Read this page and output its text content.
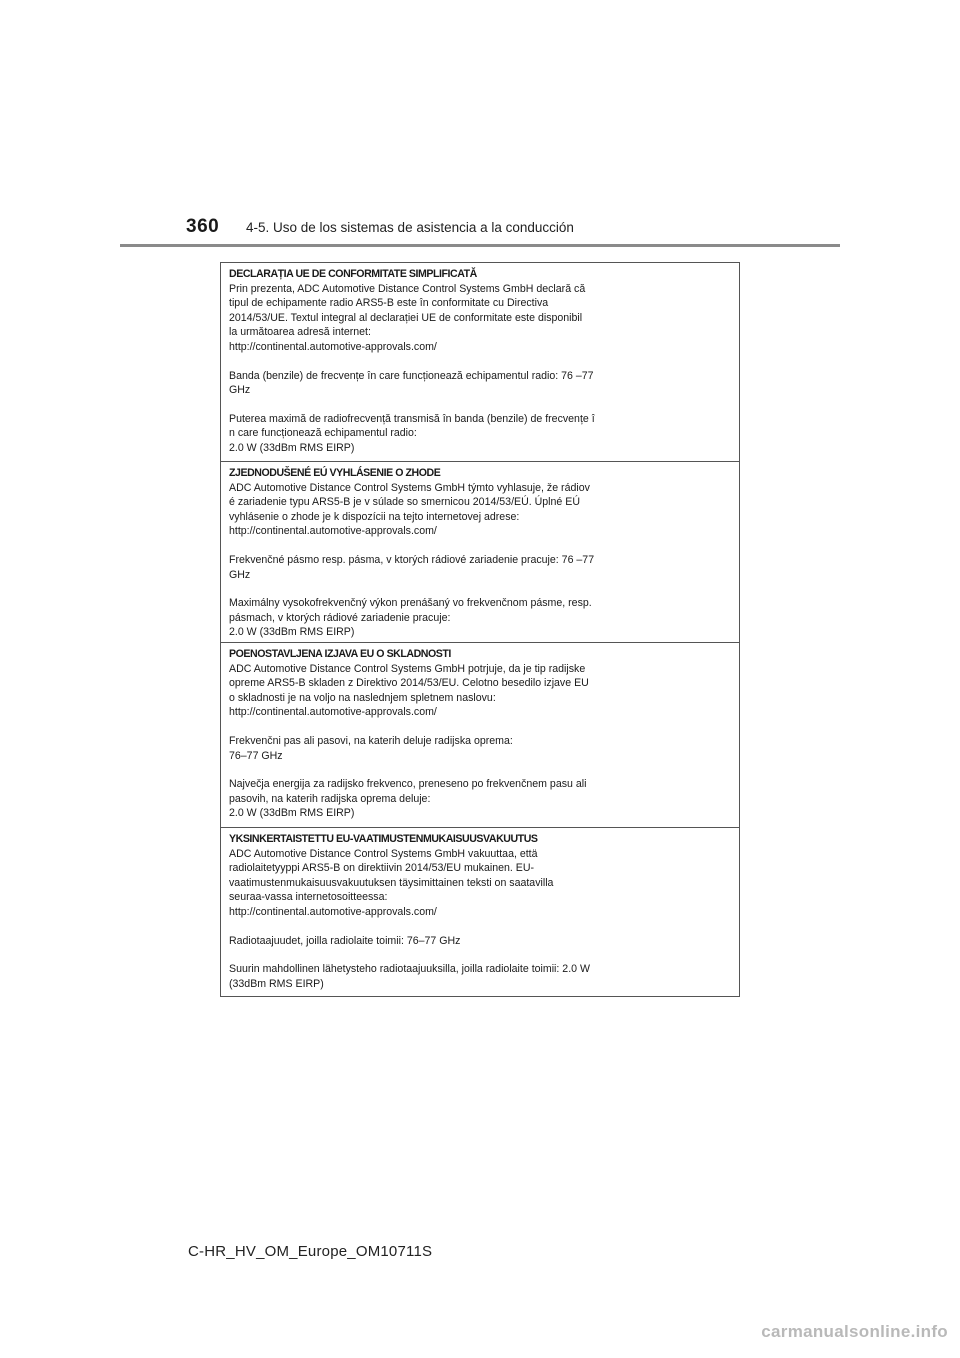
360 4-5. Uso de los sistemas de asistencia a la conducción
DECLARAȚIA UE DE CONFORMITATE SIMPLIFICATĂ
Prin prezenta, ADC Automotive Distance Control Systems GmbH declară că
tipul de echipamente radio ARS5-B este în conformitate cu Directiva
2014/53/UE. Textul integral al declarației UE de conformitate este disponibil
la următoarea adresă internet:
http://continental.automotive-approvals.com/
Banda (benzile) de frecvențe în care funcționează echipamentul radio: 76 –77
GHz
Puterea maximă de radiofrecvență transmisă în banda (benzile) de frecvențe î
n care funcționează echipamentul radio:
2.0 W (33dBm RMS EIRP)
ZJEDNODUŠENÉ EÚ VYHLÁSENIE O ZHODE
ADC Automotive Distance Control Systems GmbH týmto vyhlasuje, že rádiov
é zariadenie typu ARS5-B je v súlade so smernicou 2014/53/EÚ. Úplné EÚ
vyhlásenie o zhode je k dispozícii na tejto internetovej adrese:
http://continental.automotive-approvals.com/
Frekvenčné pásmo resp. pásma, v ktorých rádiové zariadenie pracuje: 76 –77
GHz
Maximálny vysokofrekvenčný výkon prenášaný vo frekvenčnom pásme, resp.
pásmach, v ktorých rádiové zariadenie pracuje:
2.0 W (33dBm RMS EIRP)
POENOSTAVLJENA IZJAVA EU O SKLADNOSTI
ADC Automotive Distance Control Systems GmbH potrjuje, da je tip radijske
opreme ARS5-B skladen z Direktivo 2014/53/EU. Celotno besedilo izjave EU
o skladnosti je na voljo na naslednjem spletnem naslovu:
http://continental.automotive-approvals.com/
Frekvenčni pas ali pasovi, na katerih deluje radijska oprema:
76–77 GHz
Največja energija za radijsko frekvenco, preneseno po frekvenčnem pasu ali
pasovih, na katerih radijska oprema deluje:
2.0 W (33dBm RMS EIRP)
YKSINKERTAISTETTU EU-VAATIMUSTENMUKAISUUSVAKUUTUS
ADC Automotive Distance Control Systems GmbH vakuuttaa, että
radiolaitetyyppi ARS5-B on direktiivin 2014/53/EU mukainen. EU-
vaatimustenmukaisuusvakuutuksen täysimittainen teksti on saatavilla
seuraa-vassa internetosoitteessa:
http://continental.automotive-approvals.com/
Radiotaajuudet, joilla radiolaite toimii: 76–77 GHz
Suurin mahdollinen lähetysteho radiotaajuuksilla, joilla radiolaite toimii: 2.0 W
(33dBm RMS EIRP)
C-HR_HV_OM_Europe_OM10711S
carmanualsonline.info
